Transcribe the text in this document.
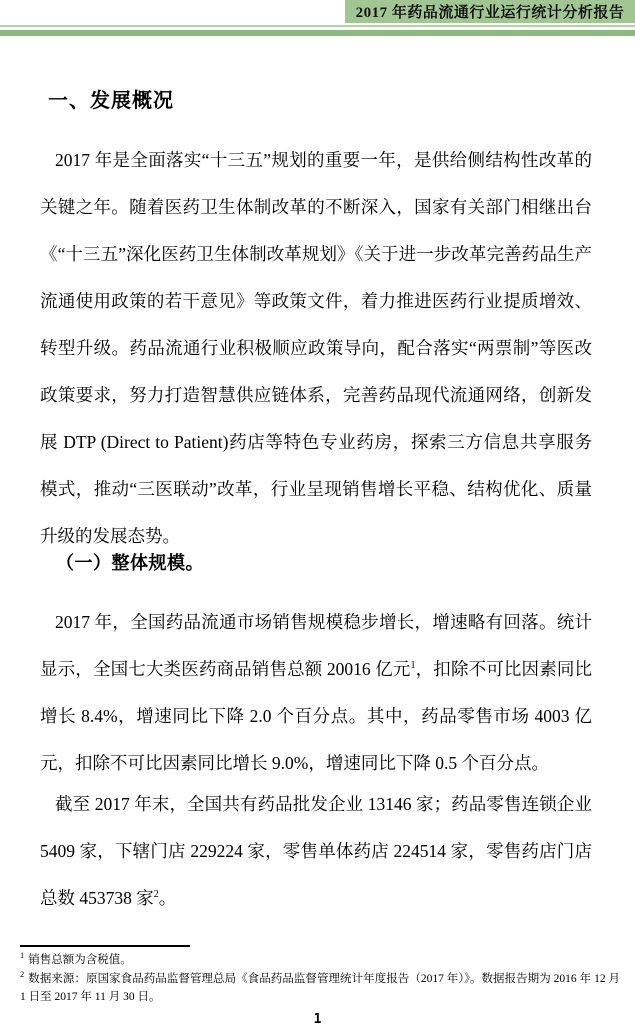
2017 年药品流通行业运行统计分析报告
一、发展概况

2017 年是全面落实“十三五”规划的重要一年，是供给侧结构性改革的关键之年。随着医药卫生体制改革的不断深入，国家有关部门相继出台《“十三五”深化医药卫生体制改革规划》《关于进一步改革完善药品生产流通使用政策的若干意见》等政策文件，着力推进医药行业提质增效、转型升级。药品流通行业积极顺应政策导向，配合落实“两票制”等医改政策要求，努力打造智慧供应链体系，完善药品现代流通网络，创新发展 DTP (Direct to Patient)药店等特色专业药房，探索三方信息共享服务模式，推动“三医联动”改革，行业呈现销售增长平稳、结构优化、质量升级的发展态势。

（一）整体规模。

2017 年，全国药品流通市场销售规模稳步增长，增速略有回落。统计显示，全国七大类医药商品销售总额 20016 亿元$^1$，扣除不可比因素同比增长 8.4%，增速同比下降 2.0 个百分点。其中，药品零售市场 4003 亿元，扣除不可比因素同比增长 9.0%，增速同比下降 0.5 个百分点。

截至 2017 年末，全国共有药品批发企业 13146 家；药品零售连锁企业 5409 家，下辖门店 229224 家，零售单体药店 224514 家，零售药店门店总数 453738 家$^2$。

$^1$ 销售总额为含税值。

$^2$ 数据来源：原国家食品药品监督管理总局《食品药品监督管理统计年度报告（2017 年）》。数据报告期为 2016 年 12 月 1 日至 2017 年 11 月 30 日。

1
